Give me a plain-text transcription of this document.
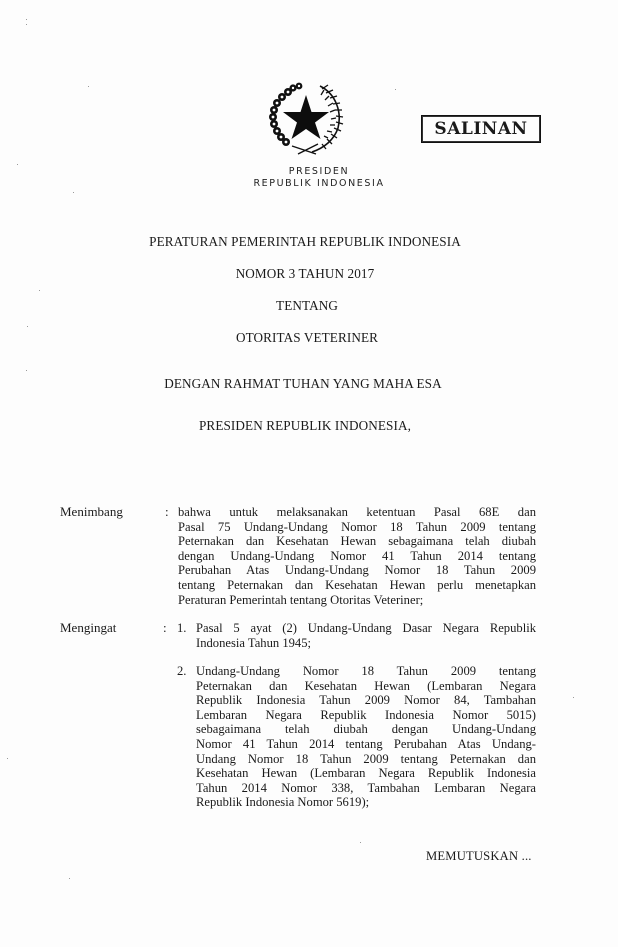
SALINAN
PRESIDEN
REPUBLIK INDONESIA
PERATURAN PEMERINTAH REPUBLIK INDONESIA
NOMOR 3 TAHUN 2017
TENTANG
OTORITAS VETERINER
DENGAN RAHMAT TUHAN YANG MAHA ESA
PRESIDEN REPUBLIK INDONESIA,
Menimbang	: bahwa untuk melaksanakan ketentuan Pasal 68E dan
Pasal 75 Undang-Undang Nomor 18 Tahun 2009 tentang
Peternakan dan Kesehatan Hewan sebagaimana telah diubah
dengan Undang-Undang Nomor 41 Tahun 2014 tentang
Perubahan Atas Undang-Undang Nomor 18 Tahun 2009
tentang Peternakan dan Kesehatan Hewan perlu menetapkan
Peraturan Pemerintah tentang Otoritas Veteriner;
Mengingat	: 1. Pasal 5 ayat (2) Undang-Undang Dasar Negara Republik
Indonesia Tahun 1945;
2. Undang-Undang Nomor 18 Tahun 2009 tentang
Peternakan dan Kesehatan Hewan (Lembaran Negara
Republik Indonesia Tahun 2009 Nomor 84, Tambahan
Lembaran Negara Republik Indonesia Nomor 5015)
sebagaimana telah diubah dengan Undang-Undang
Nomor 41 Tahun 2014 tentang Perubahan Atas Undang-
Undang Nomor 18 Tahun 2009 tentang Peternakan dan
Kesehatan Hewan (Lembaran Negara Republik Indonesia
Tahun 2014 Nomor 338, Tambahan Lembaran Negara
Republik Indonesia Nomor 5619);
MEMUTUSKAN ...
